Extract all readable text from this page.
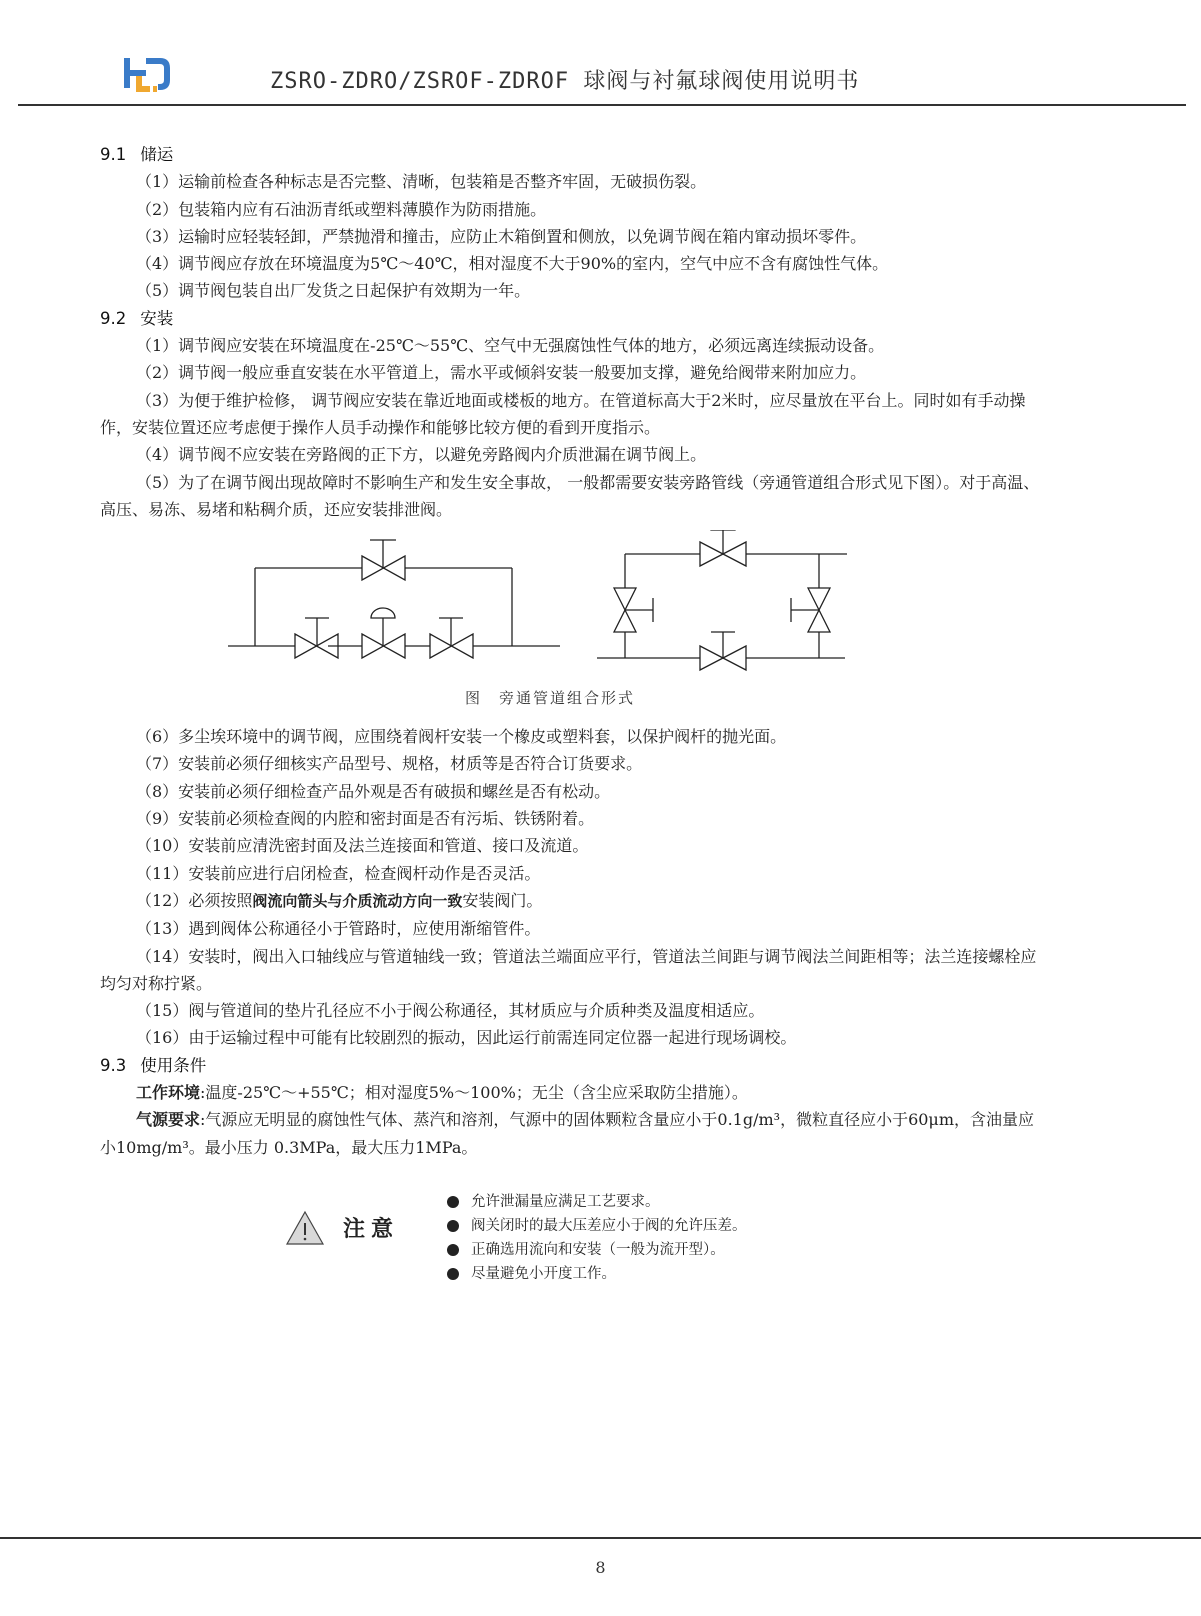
ZSRO-ZDRO/ZSROF-ZDROF 球阀与衬氟球阀使用说明书
9.1 储运
（1）运输前检查各种标志是否完整、清晰，包装箱是否整齐牢固，无破损伤裂。
（2）包装箱内应有石油沥青纸或塑料薄膜作为防雨措施。
（3）运输时应轻装轻卸，严禁抛滑和撞击，应防止木箱倒置和侧放，以免调节阀在箱内窜动损坏零件。
（4）调节阀应存放在环境温度为5℃～40℃，相对湿度不大于90%的室内，空气中应不含有腐蚀性气体。
（5）调节阀包装自出厂发货之日起保护有效期为一年。
9.2 安装
（1）调节阀应安装在环境温度在-25℃～55℃、空气中无强腐蚀性气体的地方，必须远离连续振动设备。
（2）调节阀一般应垂直安装在水平管道上，需水平或倾斜安装一般要加支撑，避免给阀带来附加应力。
（3）为便于维护检修， 调节阀应安装在靠近地面或楼板的地方。在管道标高大于2米时，应尽量放在平台上。同时如有手动操作，安装位置还应考虑便于操作人员手动操作和能够比较方便的看到开度指示。
（4）调节阀不应安装在旁路阀的正下方，以避免旁路阀内介质泄漏在调节阀上。
（5）为了在调节阀出现故障时不影响生产和发生安全事故， 一般都需要安装旁路管线（旁通管道组合形式见下图）。对于高温、高压、易冻、易堵和粘稠介质，还应安装排泄阀。
（6）多尘埃环境中的调节阀，应围绕着阀杆安装一个橡皮或塑料套，以保护阀杆的抛光面。
（7）安装前必须仔细核实产品型号、规格，材质等是否符合订货要求。
（8）安装前必须仔细检查产品外观是否有破损和螺丝是否有松动。
（9）安装前必须检查阀的内腔和密封面是否有污垢、铁锈附着。
（10）安装前应清洗密封面及法兰连接面和管道、接口及流道。
（11）安装前应进行启闭检查，检查阀杆动作是否灵活。
（12）必须按照阀流向箭头与介质流动方向一致安装阀门。
（13）遇到阀体公称通径小于管路时，应使用渐缩管件。
（14）安装时，阀出入口轴线应与管道轴线一致；管道法兰端面应平行，管道法兰间距与调节阀法兰间距相等；法兰连接螺栓应均匀对称拧紧。
（15）阀与管道间的垫片孔径应不小于阀公称通径，其材质应与介质种类及温度相适应。
（16）由于运输过程中可能有比较剧烈的振动，因此运行前需连同定位器一起进行现场调校。
9.3 使用条件
工作环境:温度-25℃～+55℃；相对湿度5%～100%；无尘（含尘应采取防尘措施）。
气源要求:气源应无明显的腐蚀性气体、蒸汽和溶剂，气源中的固体颗粒含量应小于0.1g/m³，微粒直径应小于60μm，含油量应小10mg/m³。最小压力 0.3MPa，最大压力1MPa。
图　旁通管道组合形式
注意
允许泄漏量应满足工艺要求。
阀关闭时的最大压差应小于阀的允许压差。
正确选用流向和安装（一般为流开型）。
尽量避免小开度工作。
8
